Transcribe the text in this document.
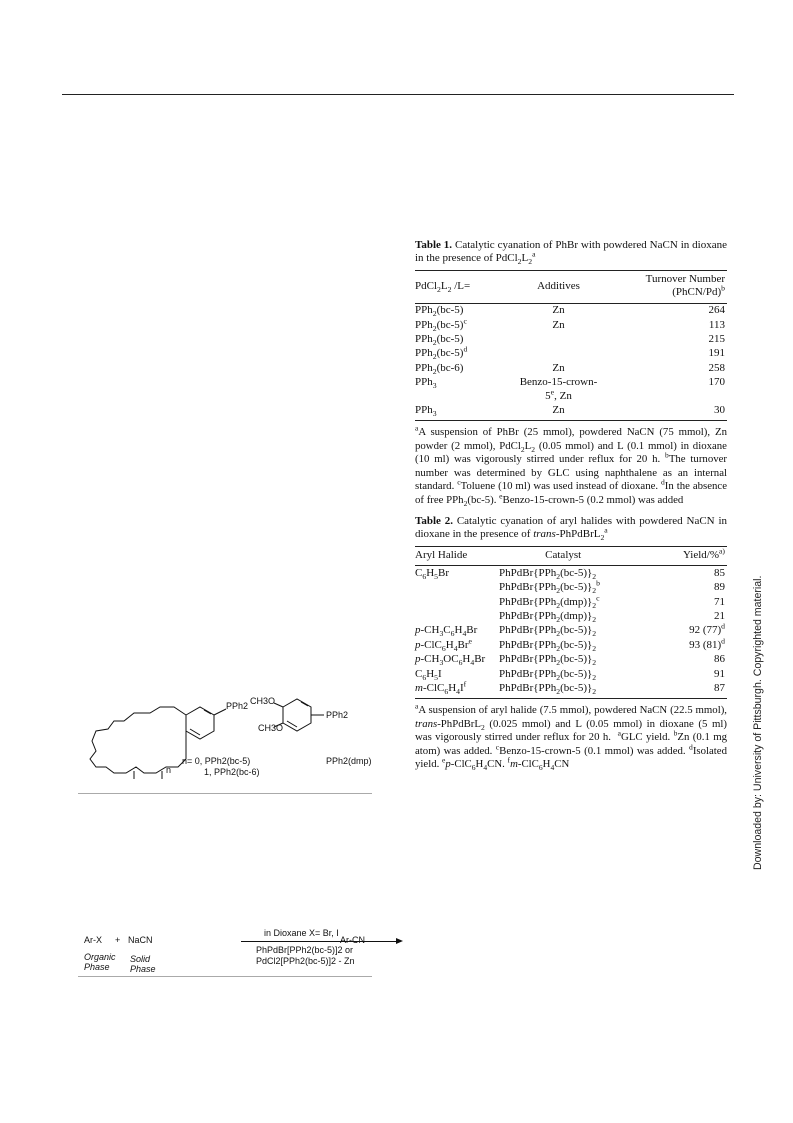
Downloaded by: University of Pittsburgh. Copyrighted material.
Table 1. Catalytic cyanation of PhBr with powdered NaCN in dioxane in the presence of $PdCl_2L_2^a$
$PdCl_2L_2$ /L=	Additives	Turnover Number (PhCN/Pd)$^b$
PPh$_2$(bc-5)	Zn	264
$PPh_2(bc-5)^c$	Zn	113
PPh$_2$(bc-5)		215
$PPh_2(bc-5)^d$		191
PPh$_2$(bc-6)	Zn	258
PPh$_3$	Benzo-15-crown-5e, Zn	170
PPh$_3$	Zn	30
$^a$A suspension of PhBr (25 mmol), powdered NaCN (75 mmol), Zn powder (2 mmol), $PdCl_2L_2$ (0.05 mmol) and L (0.1 mmol) in dioxane (10 ml) was vigorously stirred under reflux for 20 h. $^b$The turnover number was determined by GLC using naphthalene as an internal standard. $^c$Toluene (10 ml) was used instead of dioxane. $^d$In the absence of free PPh$_2$(bc-5). $^e$Benzo-15-crown-5 (0.2 mmol) was added
Table 2. Catalytic cyanation of aryl halides with powdered NaCN in dioxane in the presence of trans-PhPdBrL$_2^a$
Aryl Halide	Catalyst	Yield/%$^{a)}$
$C_6H_5Br$	$PhPdBr\{PPh_2(bc-5)\}_2$	85
	$PhPdBr\{PPh_2(bc-5)\}_2^b$	89
	$PhPdBr\{PPh_2(dmp)\}_2^c$	71
	$PhPdBr\{PPh_2(dmp)\}_2$	21
$p-CH_3C_6H_4Br$	$PhPdBr\{PPh_2(bc-5)\}_2$	92 $(77)^d$
$p-ClC_6H_4Br^e$	$PhPdBr\{PPh_2(bc-5)\}_2$	93 $(81)^d$
$p-CH_3OC_6H_4Br$	$PhPdBr\{PPh_2(bc-5)\}_2$	86
$C_6H_5I$	$PhPdBr\{PPh_2(bc-5)\}_2$	91
$m-ClC_6H_4I^f$	$PhPdBr\{PPh_2(bc-5)\}_2$	87
$^a$A suspension of aryl halide (7.5 mmol), powdered NaCN (22.5 mmol), trans-PhPdBrL$_2$ (0.025 mmol) and L (0.05 mmol) in dioxane (5 ml) was vigorously stirred under reflux for 20 h.  $^a$GLC yield. $^b$Zn (0.1 mg atom) was added. $^c$Benzo-15-crown-5 (0.1 mmol) was added. $^d$Isolated yield. $^ep-ClC_6H_4CN$. $^fm-ClC_6H_4CN$
PPh2
n
n= 0, PPh2(bc-5)
1, PPh2(bc-6)
CH3O
CH3O
PPh2
PPh2(dmp)
Ar-X + NaCN
Organic
Phase
Solid
Phase
in Dioxane X= Br, I
PhPdBr[PPh2(bc-5)]2 or
PdCl2[PPh2(bc-5)]2 - Zn
Ar-CN
